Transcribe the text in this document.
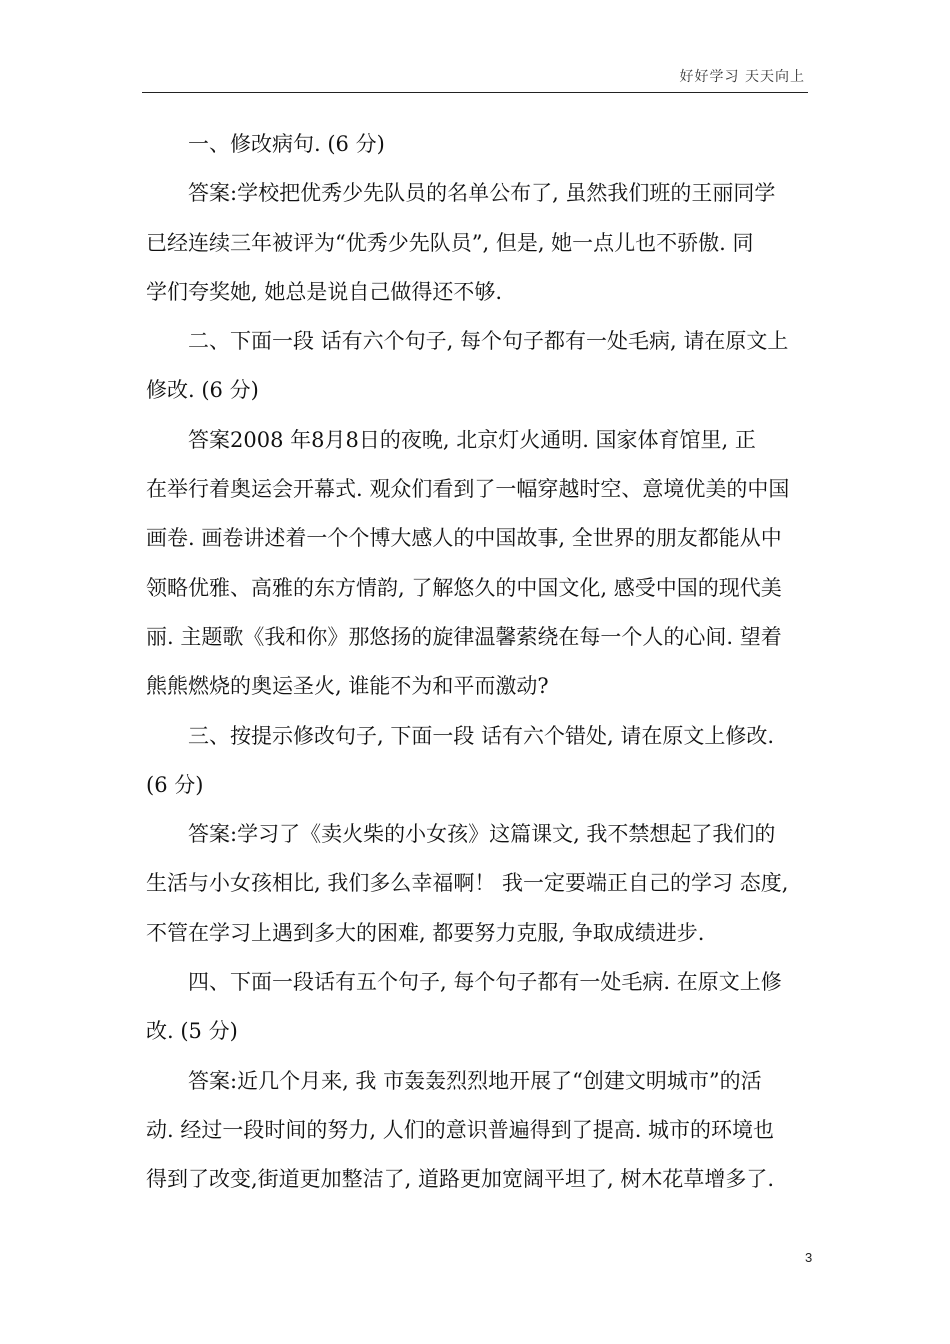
好好学习 天天向上
一、修改病句. (6 分)
答案:学校把优秀少先队员的名单公布了, 虽然我们班的王丽同学
已经连续三年被评为“优秀少先队员”, 但是, 她一点儿也不骄傲. 同
学们夸奖她, 她总是说自己做得还不够.
二、下面一段 话有六个句子, 每个句子都有一处毛病, 请在原文上
修改. (6 分)
答案2008 年8月8日的夜晚, 北京灯火通明. 国家体育馆里, 正
在举行着奥运会开幕式. 观众们看到了一幅穿越时空、意境优美的中国
画卷. 画卷讲述着一个个博大感人的中国故事, 全世界的朋友都能从中
领略优雅、高雅的东方情韵, 了解悠久的中国文化, 感受中国的现代美
丽. 主题歌《我和你》那悠扬的旋律温馨萦绕在每一个人的心间. 望着
熊熊燃烧的奥运圣火, 谁能不为和平而激动?
三、按提示修改句子, 下面一段 话有六个错处, 请在原文上修改.
(6 分)
答案:学习了《卖火柴的小女孩》这篇课文, 我不禁想起了我们的
生活与小女孩相比, 我们多么幸福啊！ 我一定要端正自己的学习 态度,
不管在学习上遇到多大的困难, 都要努力克服, 争取成绩进步.
四、下面一段话有五个句子, 每个句子都有一处毛病. 在原文上修
改. (5 分)
答案:近几个月来, 我 市轰轰烈烈地开展了“创建文明城市”的活
动. 经过一段时间的努力, 人们的意识普遍得到了提高. 城市的环境也
得到了改变,街道更加整洁了, 道路更加宽阔平坦了, 树木花草增多了.
3
